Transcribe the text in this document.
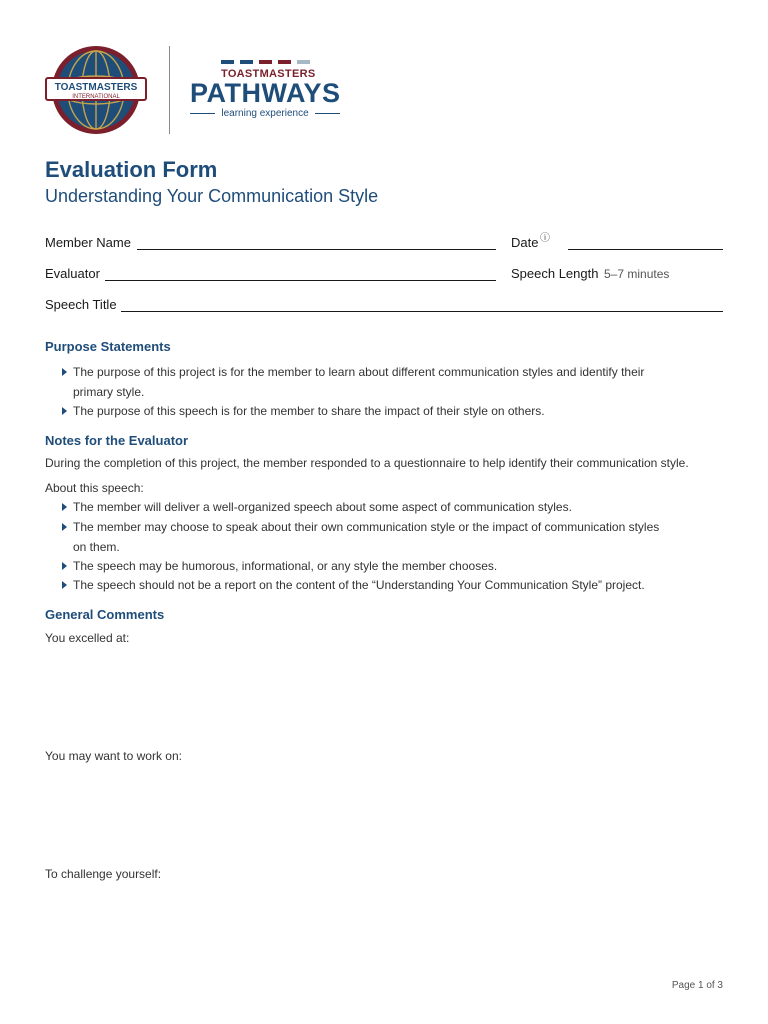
TOASTMASTERS
INTERNATIONAL
TOASTMASTERS
PATHWAYS
learning experience
Evaluation Form
Understanding Your Communication Style
Member Name	Date ⓘ
Evaluator	Speech Length 5–7 minutes
Speech Title
Purpose Statements
The purpose of this project is for the member to learn about different communication styles and identify their
primary style.
The purpose of this speech is for the member to share the impact of their style on others.
Notes for the Evaluator
During the completion of this project, the member responded to a questionnaire to help identify their communication style.
About this speech:
The member will deliver a well-organized speech about some aspect of communication styles.
The member may choose to speak about their own communication style or the impact of communication styles
on them.
The speech may be humorous, informational, or any style the member chooses.
The speech should not be a report on the content of the “Understanding Your Communication Style” project.
General Comments
You excelled at:
You may want to work on:
To challenge yourself:
Page 1 of 3
